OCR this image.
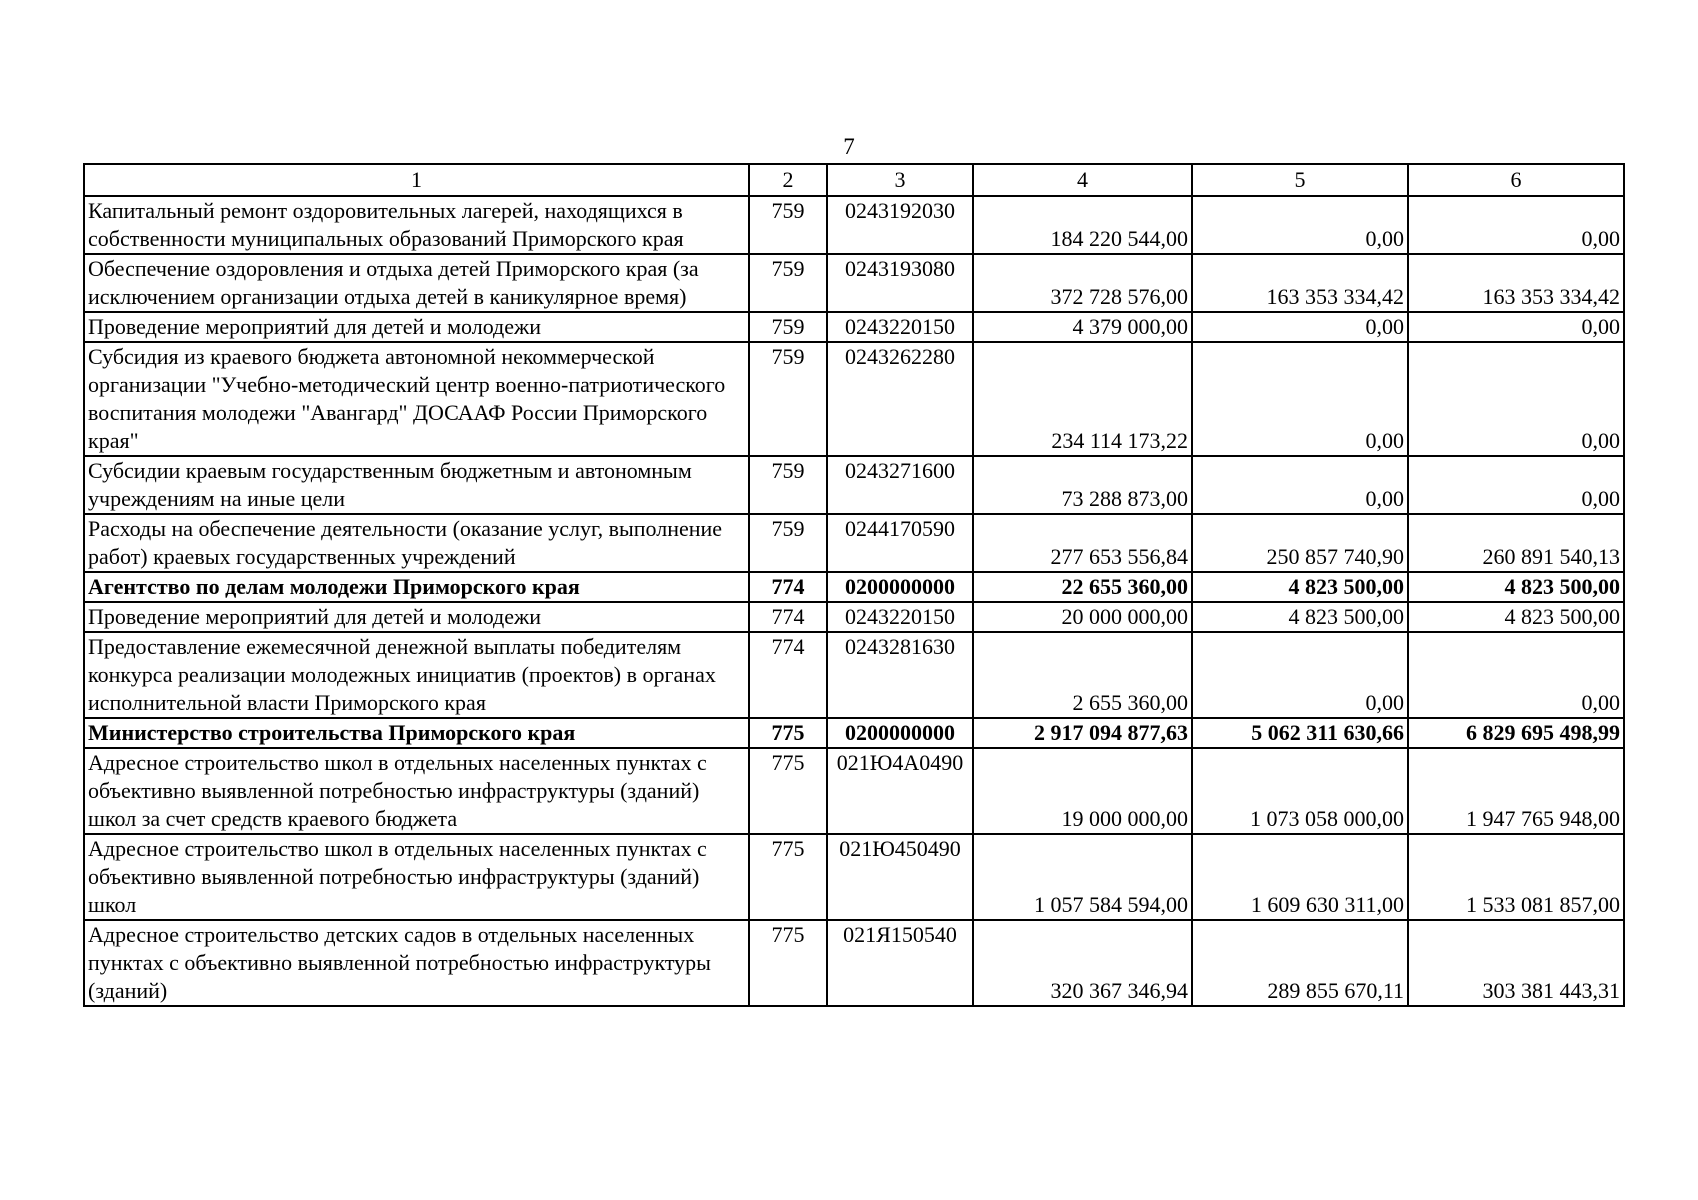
7
1	2	3	4	5	6
Капитальный ремонт оздоровительных лагерей, находящихся в собственности муниципальных образований Приморского края	759	0243192030	184 220 544,00	0,00	0,00
Обеспечение оздоровления и отдыха детей Приморского края (за исключением организации отдыха детей в каникулярное время)	759	0243193080	372 728 576,00	163 353 334,42	163 353 334,42
Проведение мероприятий для детей и молодежи	759	0243220150	4 379 000,00	0,00	0,00
Субсидия из краевого бюджета автономной некоммерческой организации "Учебно-методический центр военно-патриотического воспитания молодежи "Авангард" ДОСААФ России Приморского края"	759	0243262280	234 114 173,22	0,00	0,00
Субсидии краевым государственным бюджетным и автономным учреждениям на иные цели	759	0243271600	73 288 873,00	0,00	0,00
Расходы на обеспечение деятельности (оказание услуг, выполнение работ) краевых государственных учреждений	759	0244170590	277 653 556,84	250 857 740,90	260 891 540,13
Агентство по делам молодежи Приморского края	774	0200000000	22 655 360,00	4 823 500,00	4 823 500,00
Проведение мероприятий для детей и молодежи	774	0243220150	20 000 000,00	4 823 500,00	4 823 500,00
Предоставление ежемесячной денежной выплаты победителям конкурса реализации молодежных инициатив (проектов) в органах исполнительной власти Приморского края	774	0243281630	2 655 360,00	0,00	0,00
Министерство строительства Приморского края	775	0200000000	2 917 094 877,63	5 062 311 630,66	6 829 695 498,99
Адресное строительство школ в отдельных населенных пунктах с объективно выявленной потребностью инфраструктуры (зданий) школ за счет средств краевого бюджета	775	021Ю4А0490	19 000 000,00	1 073 058 000,00	1 947 765 948,00
Адресное строительство школ в отдельных населенных пунктах с объективно выявленной потребностью инфраструктуры (зданий) школ	775	021Ю450490	1 057 584 594,00	1 609 630 311,00	1 533 081 857,00
Адресное строительство детских садов в отдельных населенных пунктах с объективно выявленной потребностью инфраструктуры (зданий)	775	021Я150540	320 367 346,94	289 855 670,11	303 381 443,31
